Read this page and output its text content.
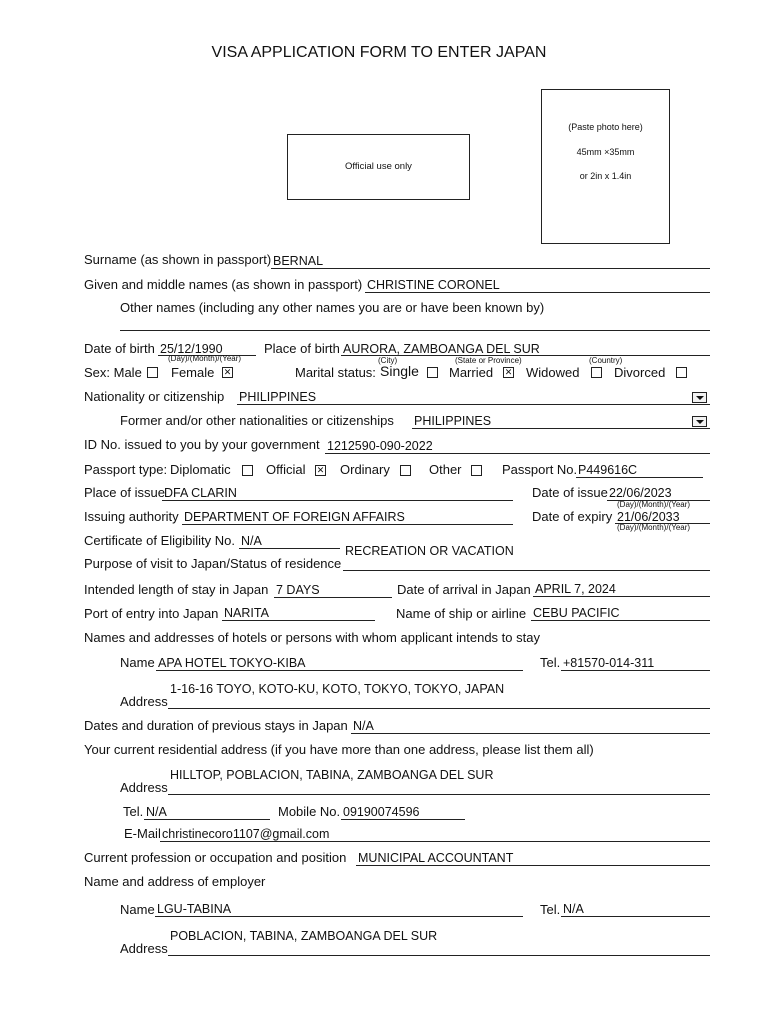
VISA APPLICATION FORM TO ENTER JAPAN
Official use only
(Paste photo here)
45mm ×35mm
or 2in x 1.4in
Surname (as shown in passport) BERNAL
Given and middle names (as shown in passport) CHRISTINE CORONEL
Other names (including any other names you are or have been known by)
Date of birth 25/12/1990
(Day)/(Month)/(Year)
Place of birth AURORA, ZAMBOANGA DEL SUR
(City)	(State or Province)	(Country)
Sex: Male Female ✕	Marital status: Single Married ✕	Widowed	Divorced
Nationality or citizenship PHILIPPINES
Former and/or other nationalities or citizenships PHILIPPINES
ID No. issued to you by your government 1212590-090-2022
Passport type: Diplomatic	Official ✕	Ordinary	Other	Passport No. P449616C
Place of issue DFA CLARIN	Date of issue 22/06/2023
(Day)/(Month)/(Year)
Issuing authority DEPARTMENT OF FOREIGN AFFAIRS	Date of expiry 21/06/2033
(Day)/(Month)/(Year)
Certificate of Eligibility No. N/A
RECREATION OR VACATION
Purpose of visit to Japan/Status of residence
Intended length of stay in Japan 7 DAYS	Date of arrival in Japan APRIL 7, 2024
Port of entry into Japan NARITA	Name of ship or airline CEBU PACIFIC
Names and addresses of hotels or persons with whom applicant intends to stay
Name APA HOTEL TOKYO-KIBA	Tel. +81570-014-311
1-16-16 TOYO, KOTO-KU, KOTO, TOKYO, TOKYO, JAPAN
Address
Dates and duration of previous stays in Japan N/A
Your current residential address (if you have more than one address, please list them all)
HILLTOP, POBLACION, TABINA, ZAMBOANGA DEL SUR
Address
Tel. N/A	Mobile No. 09190074596
E-Mail christinecoro1107@gmail.com
Current profession or occupation and position MUNICIPAL ACCOUNTANT
Name and address of employer
Name LGU-TABINA	Tel. N/A
POBLACION, TABINA, ZAMBOANGA DEL SUR
Address
